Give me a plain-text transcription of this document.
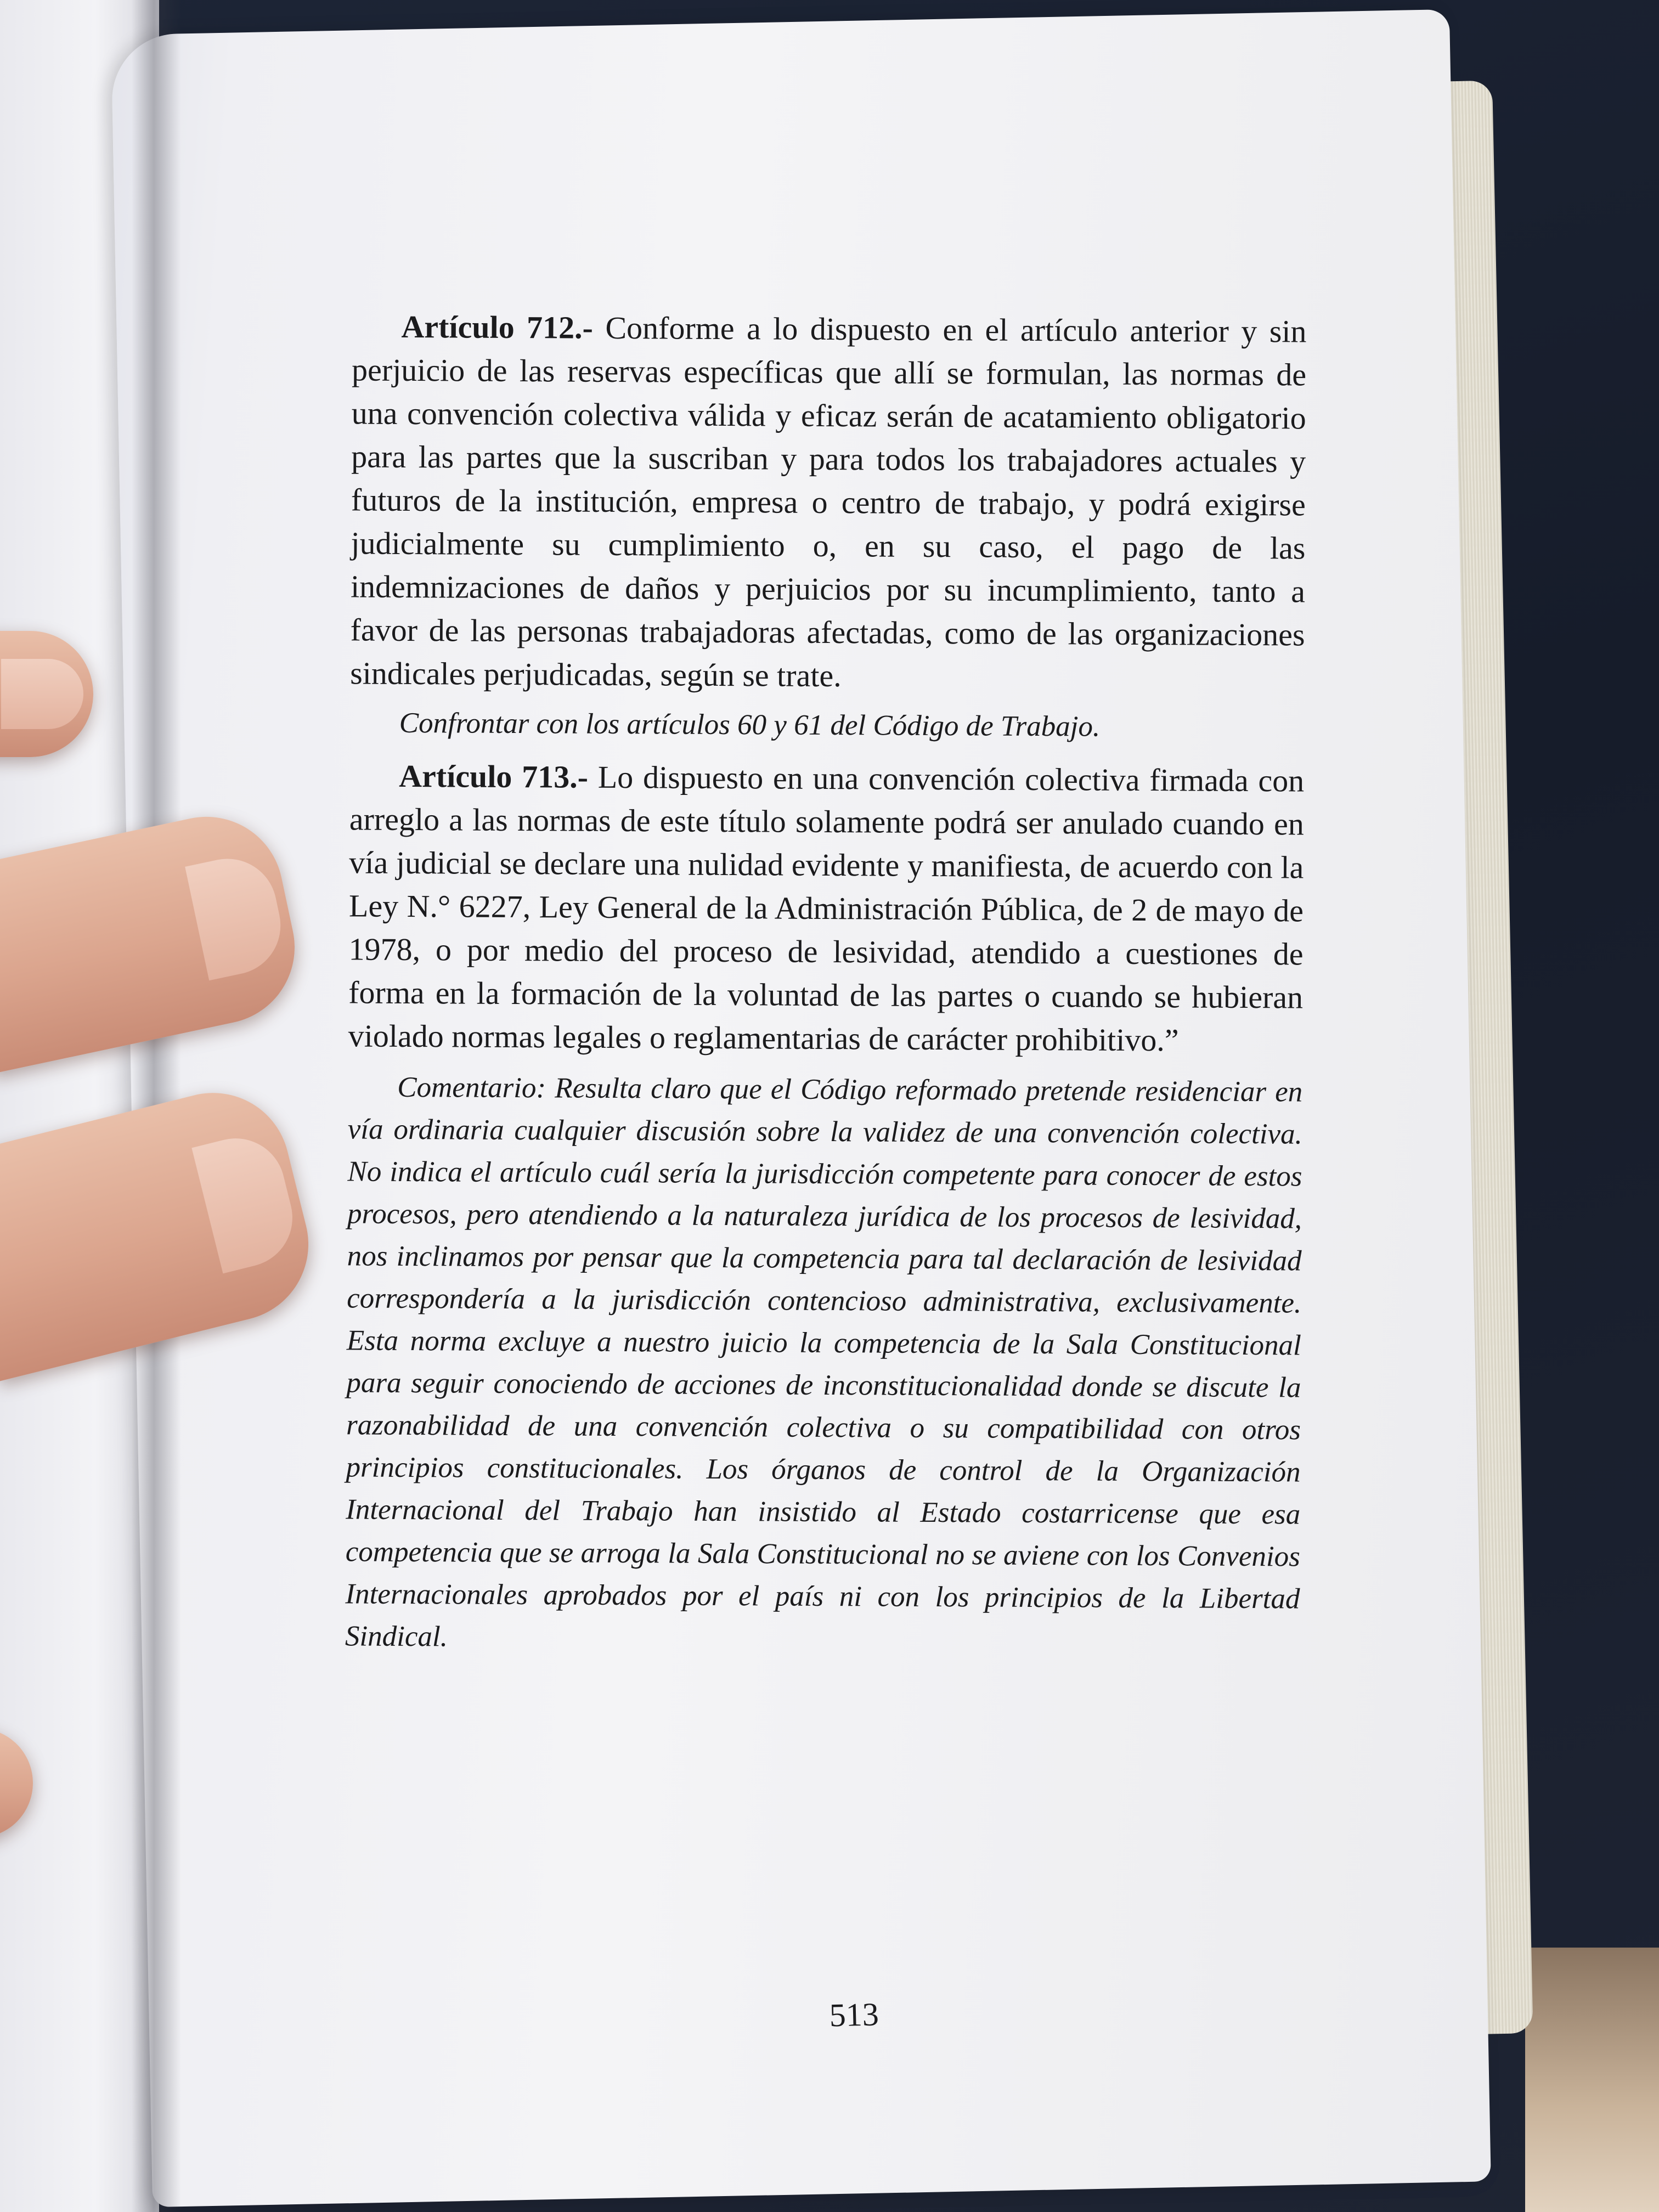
Artículo 712.- Conforme a lo dispuesto en el artículo anterior y sin perjuicio de las reservas específicas que allí se formulan, las normas de una convención colectiva válida y eficaz serán de acatamiento obligatorio para las partes que la suscriban y para todos los trabajadores actuales y futuros de la institución, empresa o centro de trabajo, y podrá exigirse judicialmente su cumplimiento o, en su caso, el pago de las indemnizaciones de daños y perjuicios por su incumplimiento, tanto a favor de las personas trabajadoras afectadas, como de las organizaciones sindicales perjudicadas, según se trate.

Confrontar con los artículos 60 y 61 del Código de Trabajo.

Artículo 713.- Lo dispuesto en una convención colectiva firmada con arreglo a las normas de este título solamente podrá ser anulado cuando en vía judicial se declare una nulidad evidente y manifiesta, de acuerdo con la Ley N.° 6227, Ley General de la Administración Pública, de 2 de mayo de 1978, o por medio del proceso de lesividad, atendido a cuestiones de forma en la formación de la voluntad de las partes o cuando se hubieran violado normas legales o reglamentarias de carácter prohibitivo.”

Comentario: Resulta claro que el Código reformado pretende residenciar en vía ordinaria cualquier discusión sobre la validez de una convención colectiva. No indica el artículo cuál sería la jurisdicción competente para conocer de estos procesos, pero atendiendo a la naturaleza jurídica de los procesos de lesividad, nos inclinamos por pensar que la competencia para tal declaración de lesividad correspondería a la jurisdicción contencioso administrativa, exclusivamente. Esta norma excluye a nuestro juicio la competencia de la Sala Constitucional para seguir conociendo de acciones de inconstitucionalidad donde se discute la razonabilidad de una convención colectiva o su compatibilidad con otros principios constitucionales. Los órganos de control de la Organización Internacional del Trabajo han insistido al Estado costarricense que esa competencia que se arroga la Sala Constitucional no se aviene con los Convenios Internacionales aprobados por el país ni con los principios de la Libertad Sindical.

513
